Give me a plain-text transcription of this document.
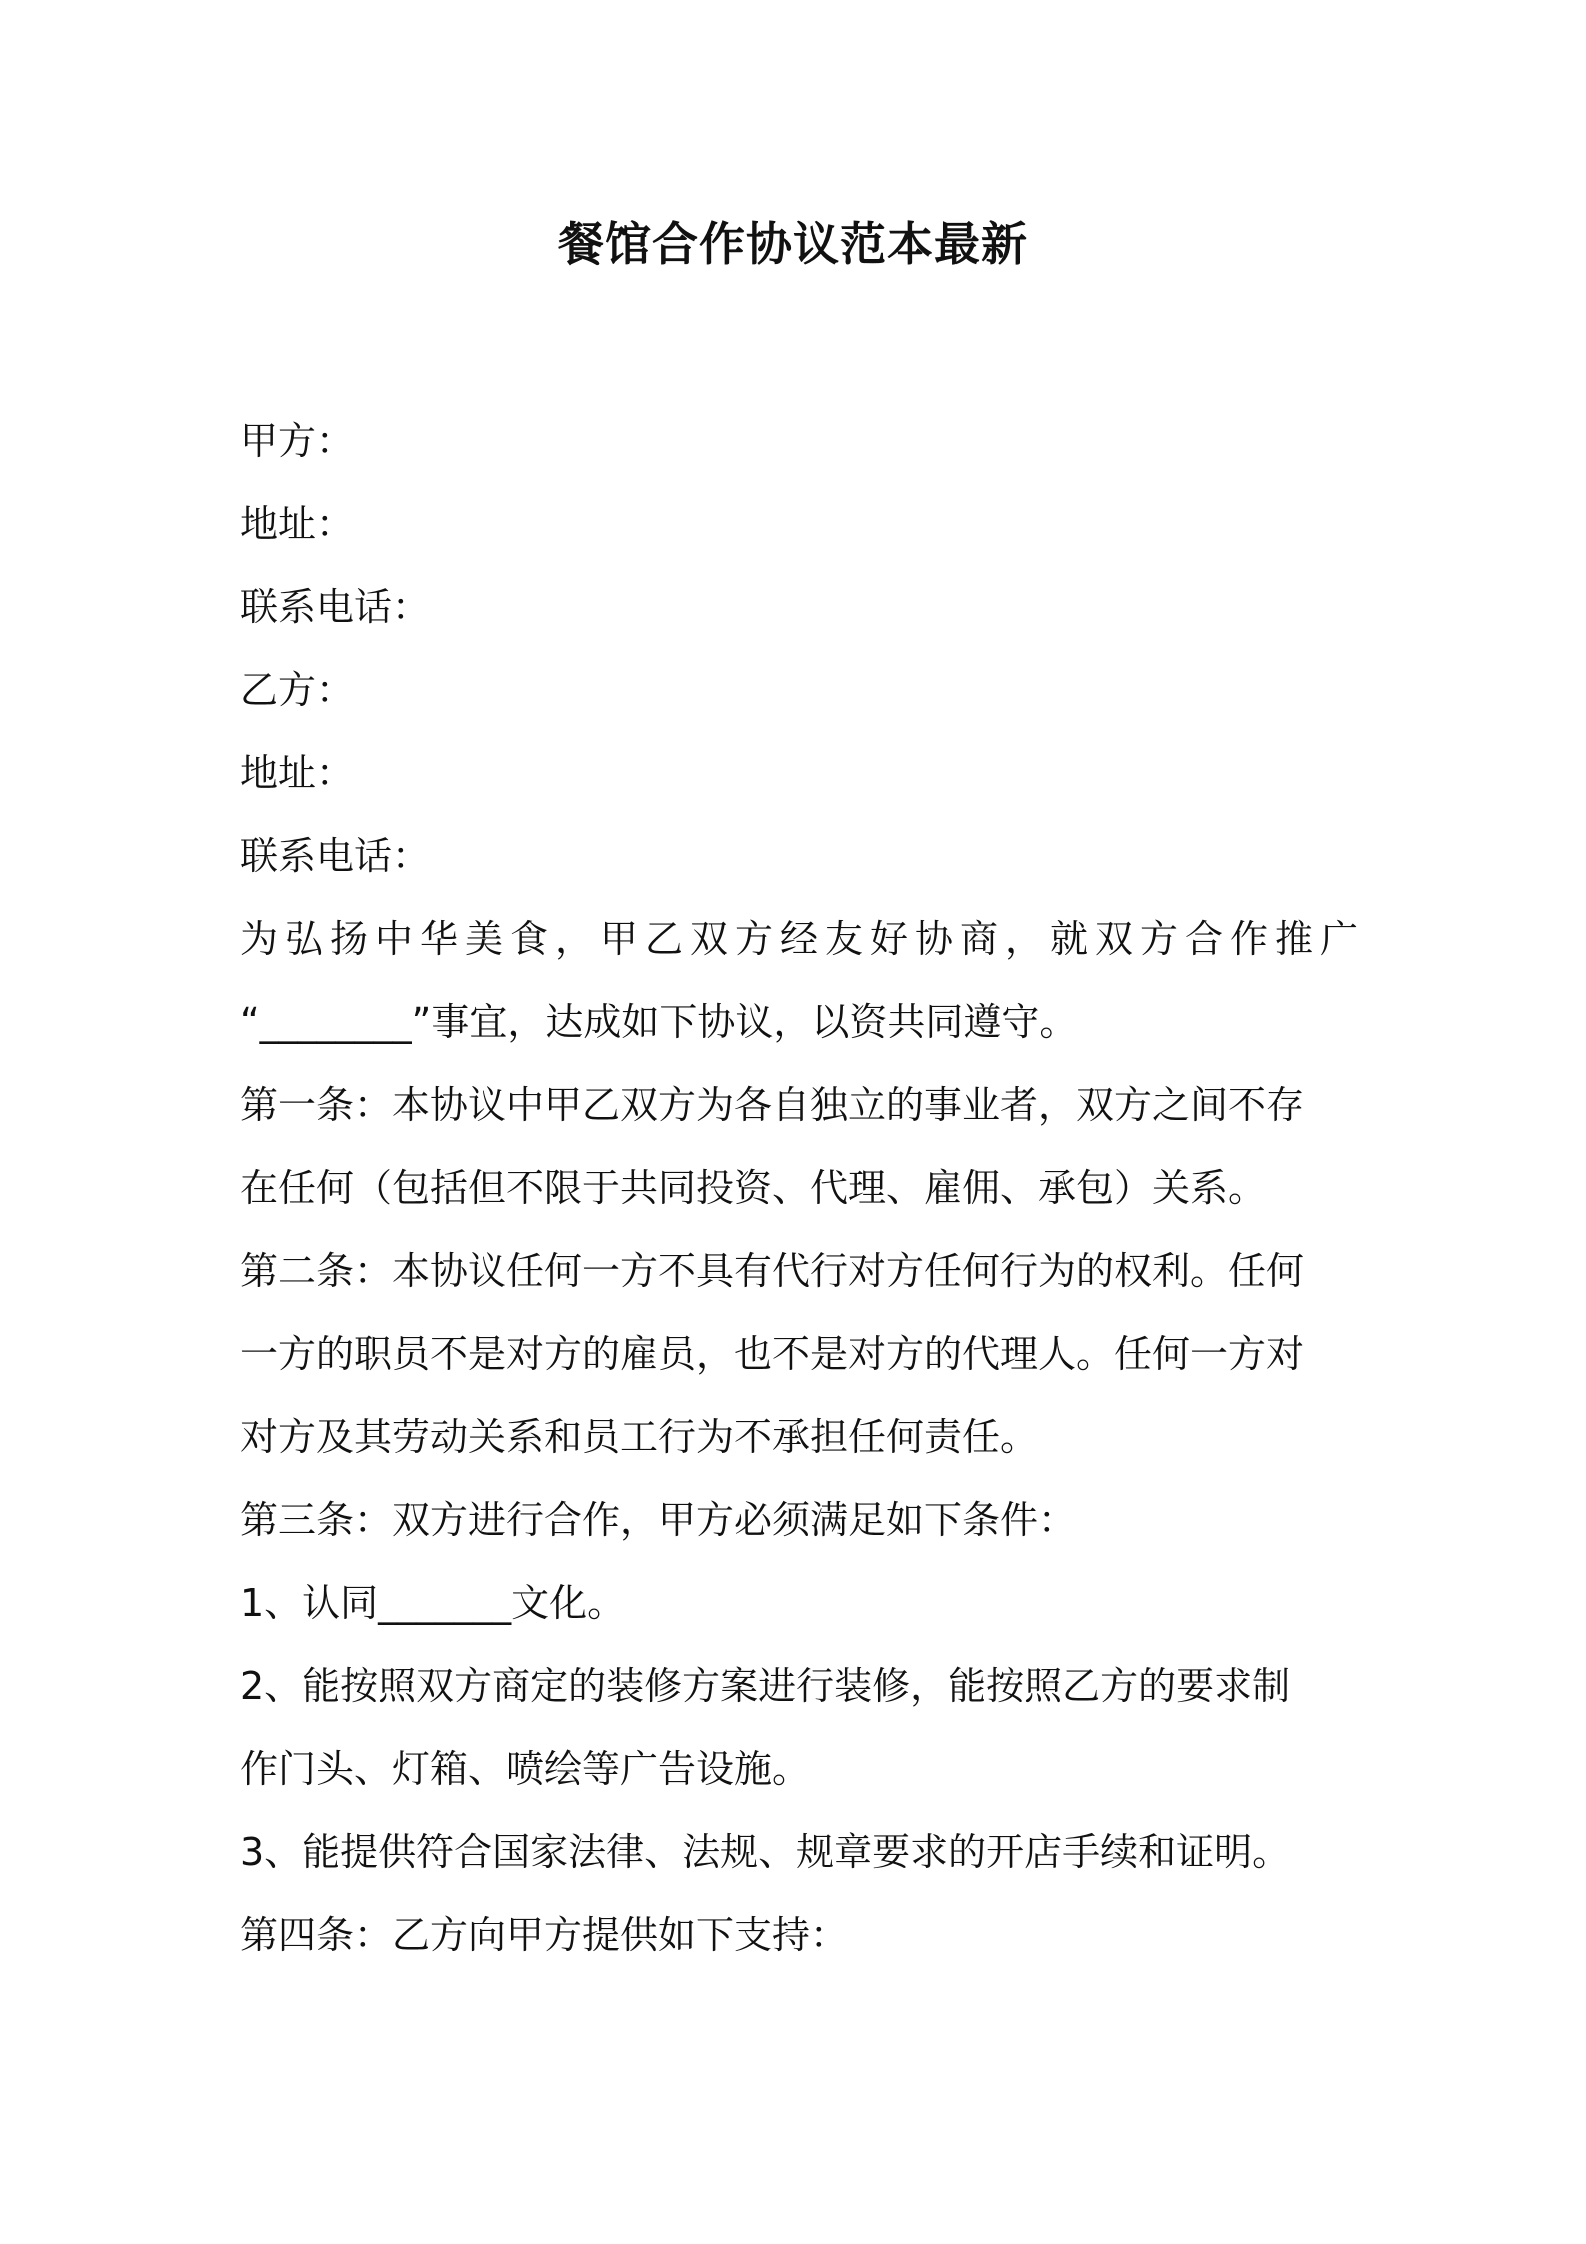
餐馆合作协议范本最新

甲方：

地址：

联系电话：

乙方：

地址：

联系电话：

为弘扬中华美食，甲乙双方经友好协商，就双方合作推广

“________”事宜，达成如下协议，以资共同遵守。

第一条：本协议中甲乙双方为各自独立的事业者，双方之间不存

在任何（包括但不限于共同投资、代理、雇佣、承包）关系。

第二条：本协议任何一方不具有代行对方任何行为的权利。任何

一方的职员不是对方的雇员，也不是对方的代理人。任何一方对

对方及其劳动关系和员工行为不承担任何责任。

第三条：双方进行合作，甲方必须满足如下条件：

1、认同_______文化。

2、能按照双方商定的装修方案进行装修，能按照乙方的要求制

作门头、灯箱、喷绘等广告设施。

3、能提供符合国家法律、法规、规章要求的开店手续和证明。

第四条：乙方向甲方提供如下支持：
